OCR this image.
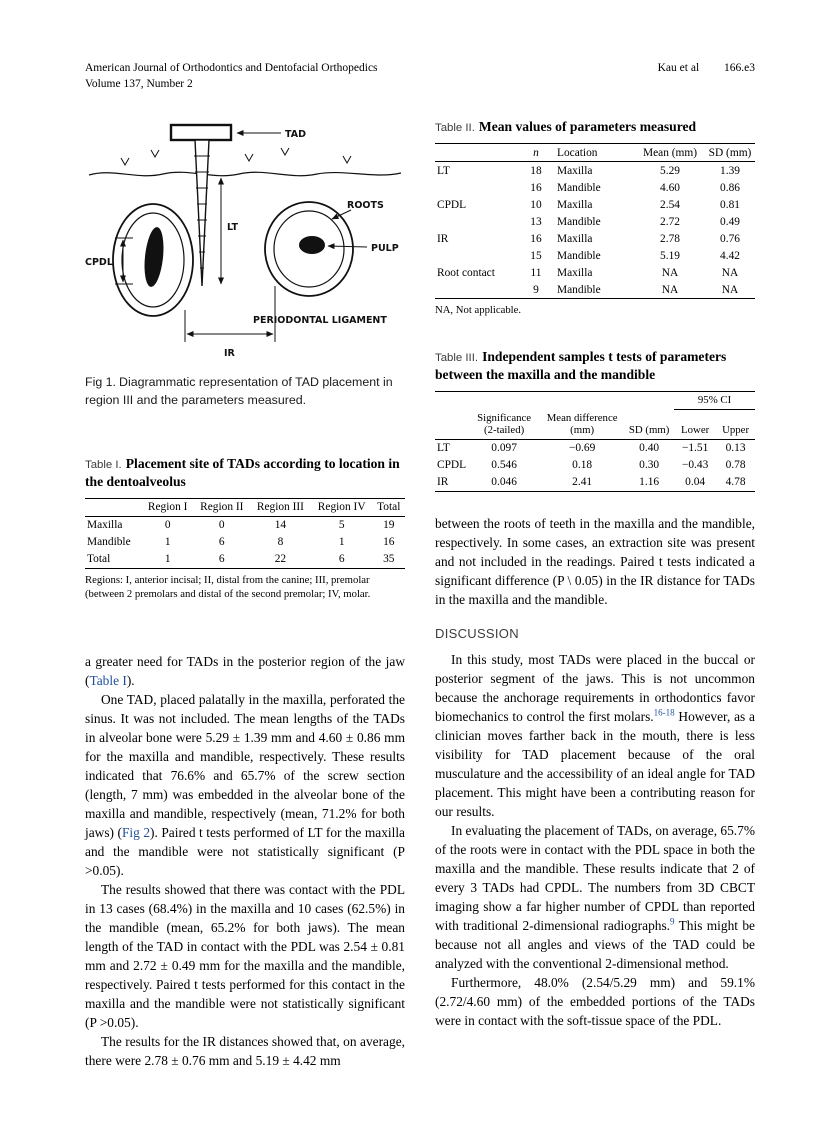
American Journal of Orthodontics and Dentofacial Orthopedics
Volume 137, Number 2
Kau et al 166.e3
TAD
ROOTS
PULP
PERIODONTAL LIGAMENT
CPDL
LT
IR
Fig 1. Diagrammatic representation of TAD placement in region III and the parameters measured.

Table I. Placement site of TADs according to location in the dentoalveolus

	Region I	Region II	Region III	Region IV	Total
Maxilla	0	0	14	5	19
Mandible	1	6	8	1	16
Total	1	6	22	6	35

Regions: I, anterior incisal; II, distal from the canine; III, premolar (between 2 premolars and distal of the second premolar; IV, molar.

a greater need for TADs in the posterior region of the jaw (Table I).

One TAD, placed palatally in the maxilla, perforated the sinus. It was not included. The mean lengths of the TADs in alveolar bone were 5.29 ± 1.39 mm and 4.60 ± 0.86 mm for the maxilla and mandible, respectively. These results indicated that 76.6% and 65.7% of the screw section (length, 7 mm) was embedded in the alveolar bone of the maxilla and mandible, respectively (mean, 71.2% for both jaws) (Fig 2). Paired t tests performed of LT for the maxilla and the mandible were not statistically significant (P >0.05).

The results showed that there was contact with the PDL in 13 cases (68.4%) in the maxilla and 10 cases (62.5%) in the mandible (mean, 65.2% for both jaws). The mean length of the TAD in contact with the PDL was 2.54 ± 0.81 mm and 2.72 ± 0.49 mm for the maxilla and the mandible, respectively. Paired t tests performed for this contact in the maxilla and the mandible were not statistically significant (P >0.05).

The results for the IR distances showed that, on average, there were 2.78 ± 0.76 mm and 5.19 ± 4.42 mm

Table II. Mean values of parameters measured

	n	Location	Mean (mm)	SD (mm)
LT	18	Maxilla	5.29	1.39
	16	Mandible	4.60	0.86
CPDL	10	Maxilla	2.54	0.81
	13	Mandible	2.72	0.49
IR	16	Maxilla	2.78	0.76
	15	Mandible	5.19	4.42
Root contact	11	Maxilla	NA	NA
	9	Mandible	NA	NA

NA, Not applicable.

Table III. Independent samples t tests of parameters between the maxilla and the mandible

				95% CI	
	Significance (2-tailed)	Mean difference (mm)	SD (mm)	Lower	Upper
LT	0.097	−0.69	0.40	−1.51	0.13
CPDL	0.546	0.18	0.30	−0.43	0.78
IR	0.046	2.41	1.16	0.04	4.78

between the roots of teeth in the maxilla and the mandible, respectively. In some cases, an extraction site was present and not included in the readings. Paired t tests indicated a significant difference (P \ 0.05) in the IR distance for TADs in the maxilla and the mandible.

DISCUSSION

In this study, most TADs were placed in the buccal or posterior segment of the jaws. This is not uncommon because the anchorage requirements in orthodontics favor biomechanics to control the first molars.$^{16-18}$ However, as a clinician moves farther back in the mouth, there is less visibility for TAD placement because of the oral musculature and the accessibility of an ideal angle for TAD placement. This might have been a contributing reason for our results.

In evaluating the placement of TADs, on average, 65.7% of the roots were in contact with the PDL space in both the maxilla and the mandible. These results indicate that 2 of every 3 TADs had CPDL. The numbers from 3D CBCT imaging show a far higher number of CPDL than reported with traditional 2-dimensional radiographs.$^9$ This might be because not all angles and views of the TAD could be analyzed with the conventional 2-dimensional method.

Furthermore, 48.0% (2.54/5.29 mm) and 59.1% (2.72/4.60 mm) of the embedded portions of the TADs were in contact with the soft-tissue space of the PDL.
